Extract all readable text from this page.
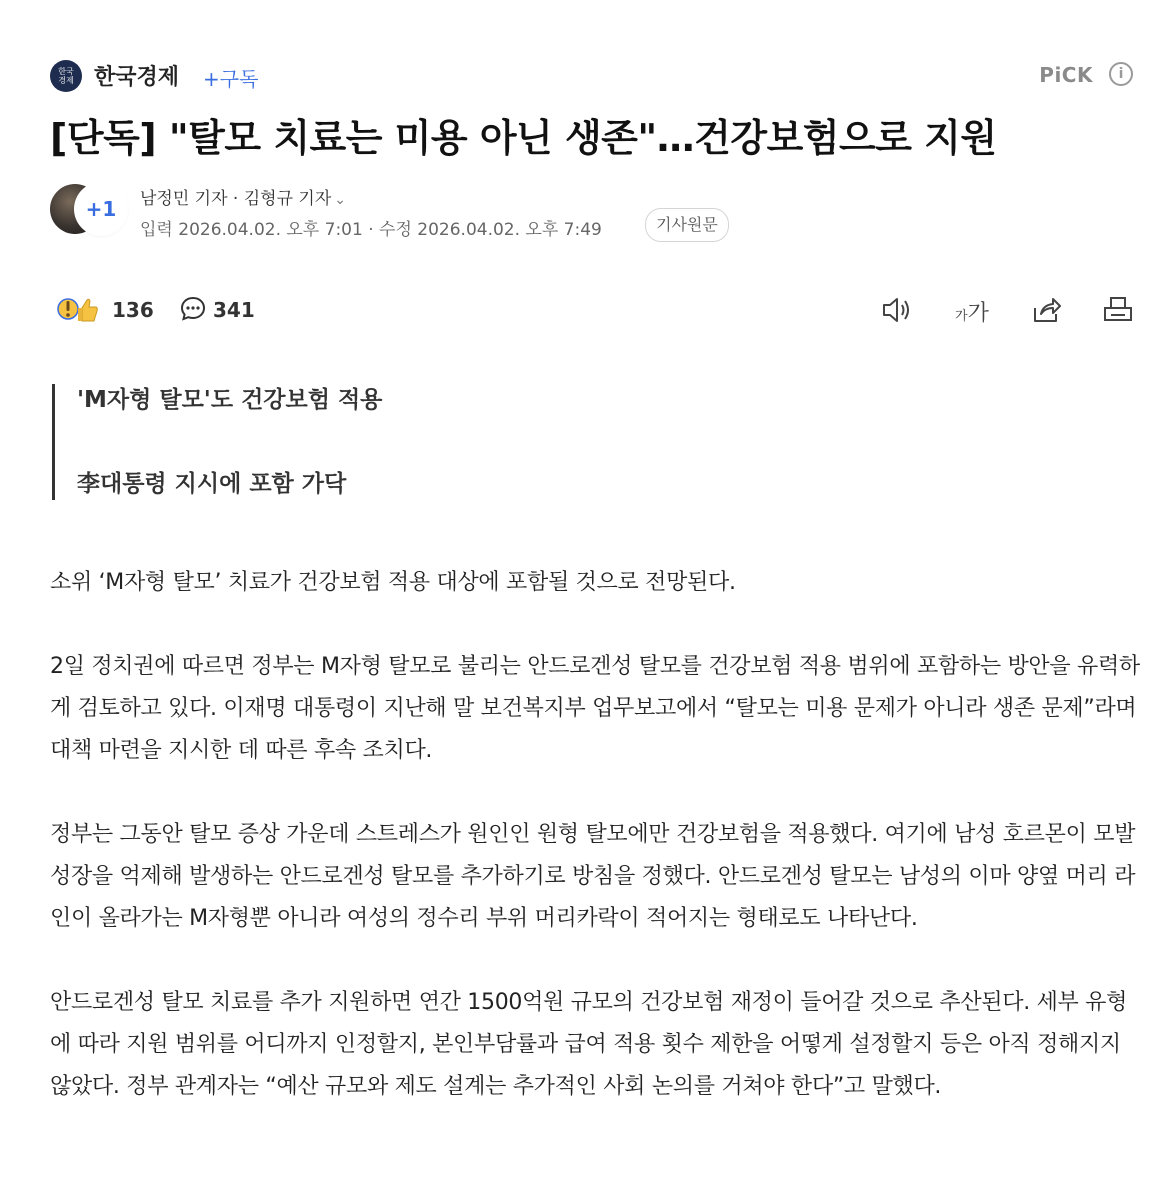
한국
경제 한국경제 +구독	PiCK	i
[단독] "탈모 치료는 미용 아닌 생존"…건강보험으로 지원
+1	남정민 기자 · 김형규 기자 ⌄
입력 2026.04.02. 오후 7:01 · 수정 2026.04.02. 오후 7:49	기사원문
136	341	가가

'M자형 탈모'도 건강보험 적용

李대통령 지시에 포함 가닥

소위 ‘M자형 탈모’ 치료가 건강보험 적용 대상에 포함될 것으로 전망된다.

2일 정치권에 따르면 정부는 M자형 탈모로 불리는 안드로겐성 탈모를 건강보험 적용 범위에 포함하는 방안을 유력하게 검토하고 있다. 이재명 대통령이 지난해 말 보건복지부 업무보고에서 “탈모는 미용 문제가 아니라 생존 문제”라며 대책 마련을 지시한 데 따른 후속 조치다.

정부는 그동안 탈모 증상 가운데 스트레스가 원인인 원형 탈모에만 건강보험을 적용했다. 여기에 남성 호르몬이 모발 성장을 억제해 발생하는 안드로겐성 탈모를 추가하기로 방침을 정했다. 안드로겐성 탈모는 남성의 이마 양옆 머리 라인이 올라가는 M자형뿐 아니라 여성의 정수리 부위 머리카락이 적어지는 형태로도 나타난다.

안드로겐성 탈모 치료를 추가 지원하면 연간 1500억원 규모의 건강보험 재정이 들어갈 것으로 추산된다. 세부 유형에 따라 지원 범위를 어디까지 인정할지, 본인부담률과 급여 적용 횟수 제한을 어떻게 설정할지 등은 아직 정해지지 않았다. 정부 관계자는 “예산 규모와 제도 설계는 추가적인 사회 논의를 거쳐야 한다”고 말했다.
